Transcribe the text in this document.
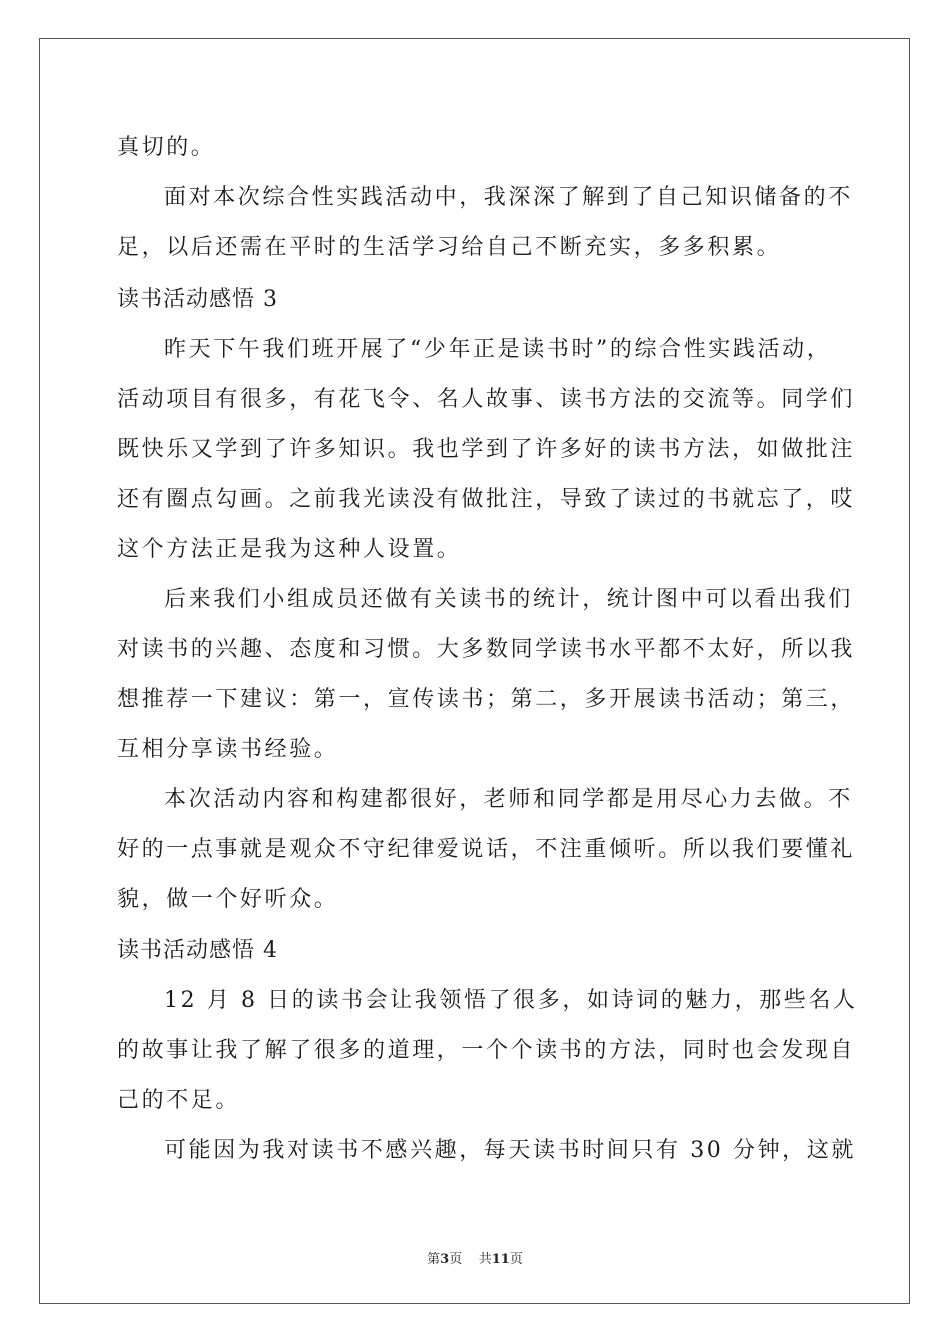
真切的。
面对本次综合性实践活动中，我深深了解到了自己知识储备的不
足，以后还需在平时的生活学习给自己不断充实，多多积累。
读书活动感悟 3
昨天下午我们班开展了“少年正是读书时”的综合性实践活动，
活动项目有很多，有花飞令、名人故事、读书方法的交流等。同学们
既快乐又学到了许多知识。我也学到了许多好的读书方法，如做批注
还有圈点勾画。之前我光读没有做批注，导致了读过的书就忘了，哎
这个方法正是我为这种人设置。
后来我们小组成员还做有关读书的统计，统计图中可以看出我们
对读书的兴趣、态度和习惯。大多数同学读书水平都不太好，所以我
想推荐一下建议：第一，宣传读书；第二，多开展读书活动；第三，
互相分享读书经验。
本次活动内容和构建都很好，老师和同学都是用尽心力去做。不
好的一点事就是观众不守纪律爱说话，不注重倾听。所以我们要懂礼
貌，做一个好听众。
读书活动感悟 4
12 月 8 日的读书会让我领悟了很多，如诗词的魅力，那些名人
的故事让我了解了很多的道理，一个个读书的方法，同时也会发现自
己的不足。
可能因为我对读书不感兴趣，每天读书时间只有 30 分钟，这就
第3页 共11页
